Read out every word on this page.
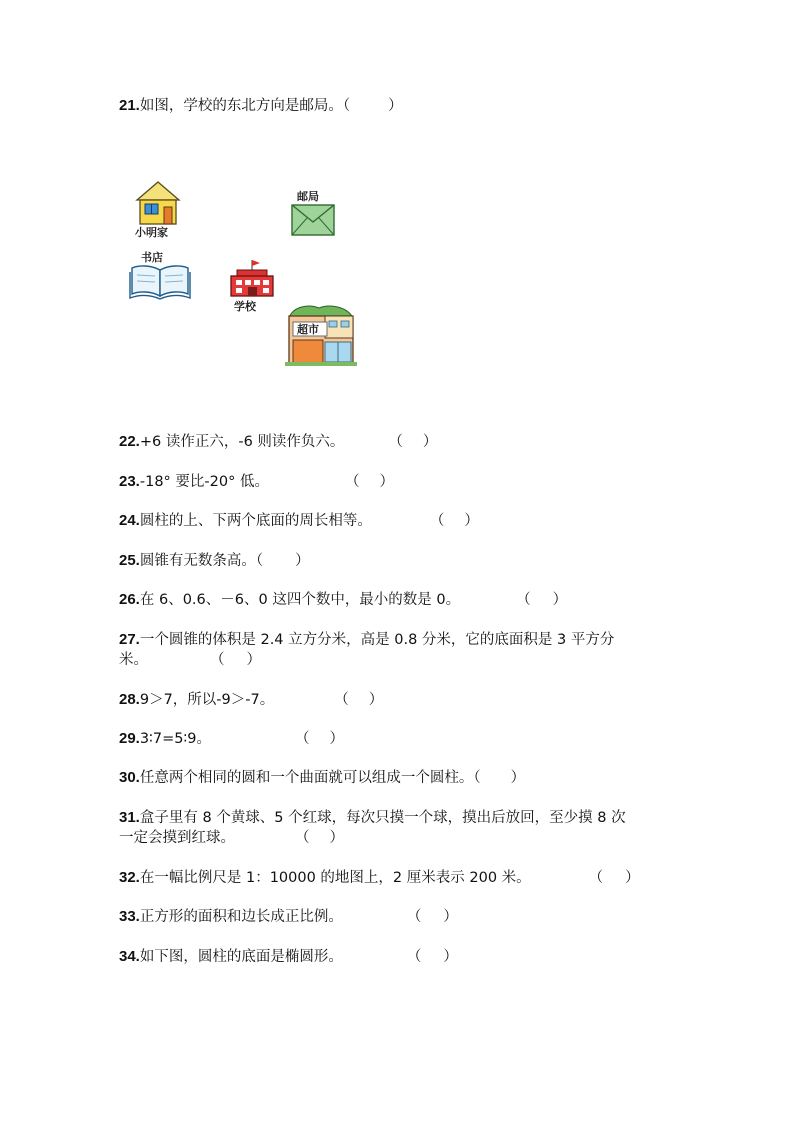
21.如图，学校的东北方向是邮局。（	）
小明家
邮局
书店
学校
超市
22.+6 读作正六，-6 则读作负六。	（ ）
23.-18° 要比-20° 低。	（ ）
24.圆柱的上、下两个底面的周长相等。	（ ）
25.圆锥有无数条高。（ ）
26.在 6、0.6、－6、0 这四个数中，最小的数是 0。	（ ）
27.一个圆锥的体积是 2.4 立方分米，高是 0.8 分米，它的底面积是 3 平方分
米。	（ ）
28.9＞7，所以-9＞-7。	（ ）
29.3∶7=5∶9。	（ ）
30.任意两个相同的圆和一个曲面就可以组成一个圆柱。（ ）
31.盒子里有 8 个黄球、5 个红球，每次只摸一个球，摸出后放回，至少摸 8 次
一定会摸到红球。	（ ）
32.在一幅比例尺是 1：10000 的地图上，2 厘米表示 200 米。	（ ）
33.正方形的面积和边长成正比例。	（ ）
34.如下图，圆柱的底面是椭圆形。	（ ）
